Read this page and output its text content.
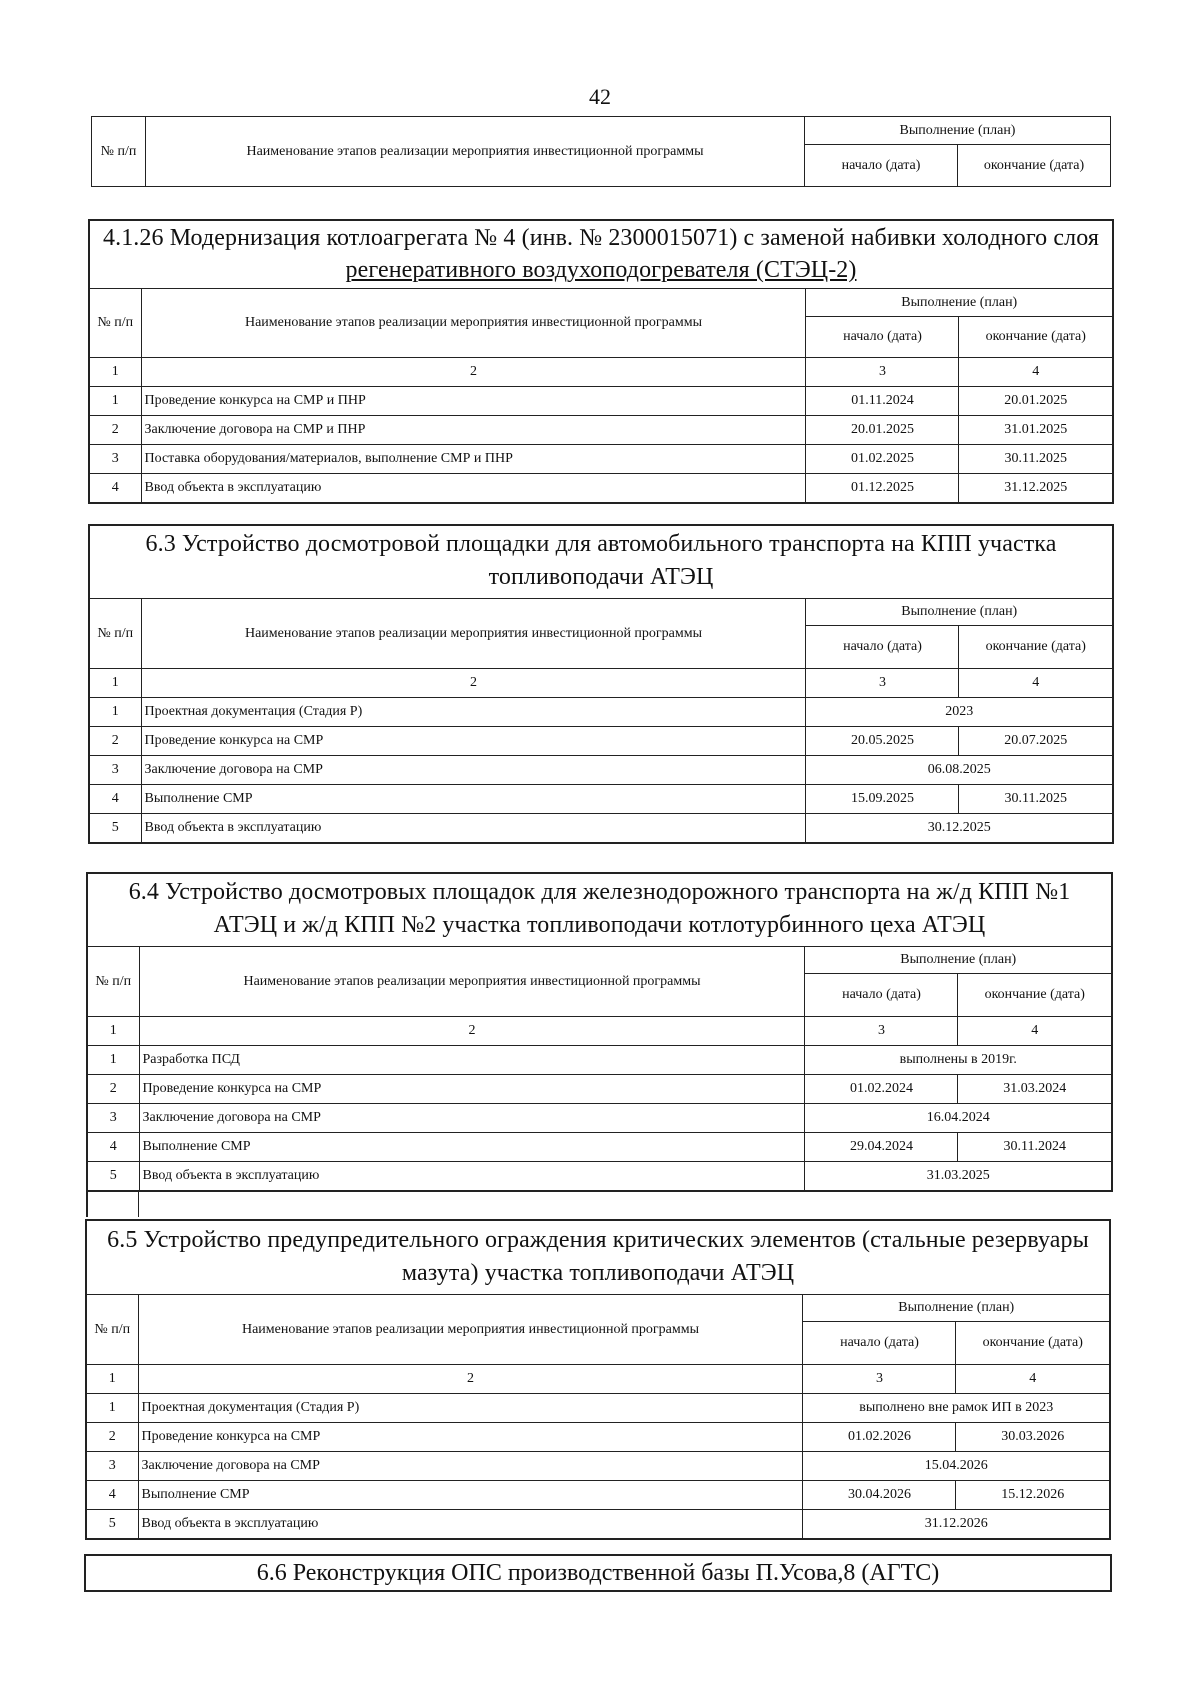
42
№ п/п	Наименование этапов реализации мероприятия инвестиционной программы	Выполнение (план)	
		начало (дата)	окончание (дата)
4.1.26 Модернизация котлоагрегата № 4 (инв. № 2300015071) с заменой набивки холодного слоя
регенеративного воздухоподогревателя (СТЭЦ-2)
№ п/п	Наименование этапов реализации мероприятия инвестиционной программы	Выполнение (план)	
		начало (дата)	окончание (дата)
1	2	3	4
1	Проведение конкурса на СМР и ПНР	01.11.2024	20.01.2025
2	Заключение договора на СМР и ПНР	20.01.2025	31.01.2025
3	Поставка оборудования/материалов, выполнение СМР и ПНР	01.02.2025	30.11.2025
4	Ввод объекта в эксплуатацию	01.12.2025	31.12.2025
6.3 Устройство досмотровой площадки для автомобильного транспорта на КПП участка
топливоподачи АТЭЦ
№ п/п	Наименование этапов реализации мероприятия инвестиционной программы	Выполнение (план)	
		начало (дата)	окончание (дата)
1	2	3	4
1	Проектная документация (Стадия Р)	2023	
2	Проведение конкурса на СМР	20.05.2025	20.07.2025
3	Заключение договора на СМР	06.08.2025	
4	Выполнение СМР	15.09.2025	30.11.2025
5	Ввод объекта в эксплуатацию	30.12.2025	
6.4 Устройство досмотровых площадок для железнодорожного транспорта на ж/д КПП №1
АТЭЦ и ж/д КПП №2 участка топливоподачи котлотурбинного цеха АТЭЦ
№ п/п	Наименование этапов реализации мероприятия инвестиционной программы	Выполнение (план)	
		начало (дата)	окончание (дата)
1	2	3	4
1	Разработка ПСД	выполнены в 2019г.	
2	Проведение конкурса на СМР	01.02.2024	31.03.2024
3	Заключение договора на СМР	16.04.2024	
4	Выполнение СМР	29.04.2024	30.11.2024
5	Ввод объекта в эксплуатацию	31.03.2025	
6.5 Устройство предупредительного ограждения критических элементов (стальные резервуары
мазута) участка топливоподачи АТЭЦ
№ п/п	Наименование этапов реализации мероприятия инвестиционной программы	Выполнение (план)	
		начало (дата)	окончание (дата)
1	2	3	4
1	Проектная документация (Стадия Р)	выполнено вне рамок ИП в 2023	
2	Проведение конкурса на СМР	01.02.2026	30.03.2026
3	Заключение договора на СМР	15.04.2026	
4	Выполнение СМР	30.04.2026	15.12.2026
5	Ввод объекта в эксплуатацию	31.12.2026	
6.6 Реконструкция ОПС производственной базы П.Усова,8 (АГТС)
